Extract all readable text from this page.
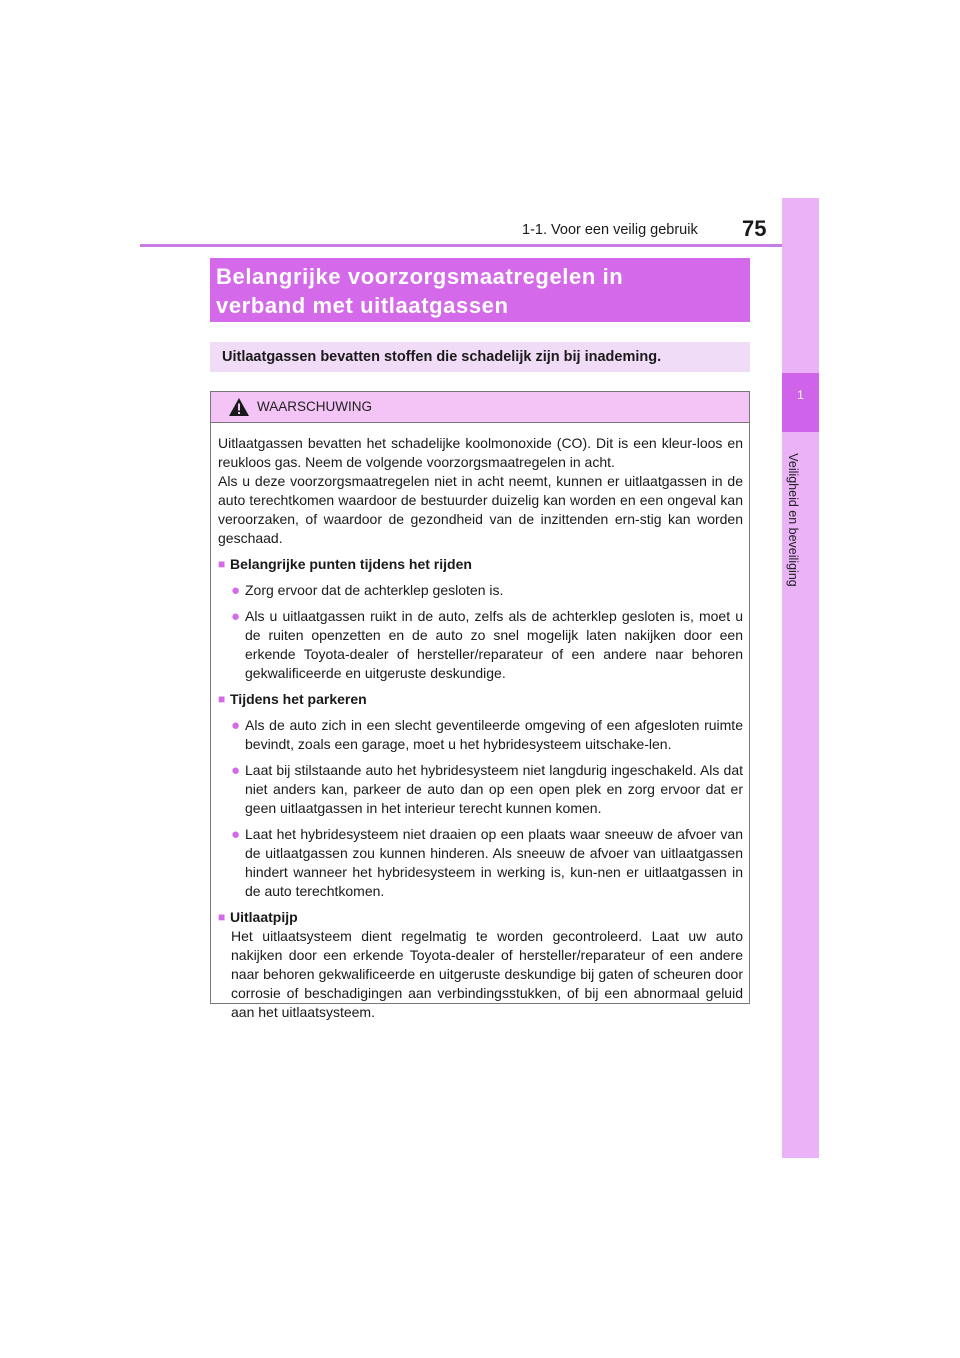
1-1. Voor een veilig gebruik 75
1
Veiligheid en beveiliging
Belangrijke voorzorgsmaatregelen in
verband met uitlaatgassen
Uitlaatgassen bevatten stoffen die schadelijk zijn bij inademing.
WAARSCHUWING

Uitlaatgassen bevatten het schadelijke koolmonoxide (CO). Dit is een kleur-loos en reukloos gas. Neem de volgende voorzorgsmaatregelen in acht.

Als u deze voorzorgsmaatregelen niet in acht neemt, kunnen er uitlaatgassen in de auto terechtkomen waardoor de bestuurder duizelig kan worden en een ongeval kan veroorzaken, of waardoor de gezondheid van de inzittenden ern-stig kan worden geschaad.

■ Belangrijke punten tijdens het rijden
● Zorg ervoor dat de achterklep gesloten is.
● Als u uitlaatgassen ruikt in de auto, zelfs als de achterklep gesloten is, moet u de ruiten openzetten en de auto zo snel mogelijk laten nakijken door een erkende Toyota-dealer of hersteller/reparateur of een andere naar behoren gekwalificeerde en uitgeruste deskundige.
■ Tijdens het parkeren
● Als de auto zich in een slecht geventileerde omgeving of een afgesloten ruimte bevindt, zoals een garage, moet u het hybridesysteem uitschake-len.
● Laat bij stilstaande auto het hybridesysteem niet langdurig ingeschakeld. Als dat niet anders kan, parkeer de auto dan op een open plek en zorg ervoor dat er geen uitlaatgassen in het interieur terecht kunnen komen.
● Laat het hybridesysteem niet draaien op een plaats waar sneeuw de afvoer van de uitlaatgassen zou kunnen hinderen. Als sneeuw de afvoer van uitlaatgassen hindert wanneer het hybridesysteem in werking is, kun-nen er uitlaatgassen in de auto terechtkomen.
■ Uitlaatpijp
Het uitlaatsysteem dient regelmatig te worden gecontroleerd. Laat uw auto nakijken door een erkende Toyota-dealer of hersteller/reparateur of een andere naar behoren gekwalificeerde en uitgeruste deskundige bij gaten of scheuren door corrosie of beschadigingen aan verbindingsstukken, of bij een abnormaal geluid aan het uitlaatsysteem.
